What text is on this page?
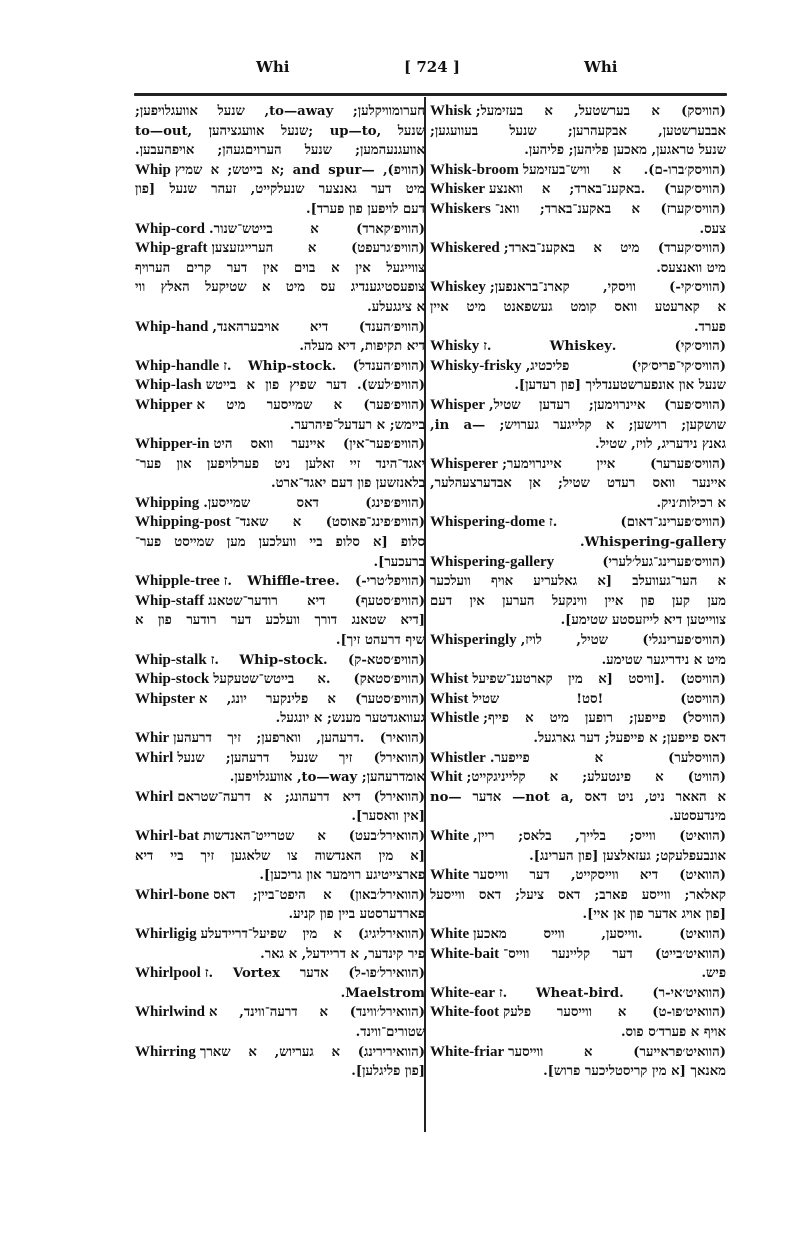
Whi	[ 724 ]	Whi
חערומוויקלען; to—away, שנעל אוועגלויפען;
to—out, שנעל אוועגציהען; up—to, שנעל
אוועגנעהמען; שנעל הערויםגעהן; אויפהעבען.
Whip (הוויפ), —and spur ;א בייטש; א שמיץ
מיט דער גאנצער שנעלקייט, זעהר שנעל [פון
דעם לויפען פון פערד].
Whip-cord (הוויפ׳קארד) א בייטש־שנור.
Whip-graft (הוויפ׳גרעפט) א הערייגזעצען
צווייגעל אין א בוים אין דער קרים הערויף
צופעסטיגענדיג עס מיט א שטיקעל האלץ ווי
א ציגגעלע.
Whip-hand (הוויפ׳הענד) דיא אויבערהאנד,
דיא תקיפות, דיא מעלה.
Whip-handle (הוויפ׳הענדל) .Whip-stock .ז
Whip-lash (הוויפ׳לעש). דער שפיץ פון א בייטש
Whipper (הוויפ׳פער) א שמייסער מיט א
ביימש; א רעדעל־פיהרער.
Whipper-in (הוויפ׳פער־אין) איינער וואס היט
יאגד־הינד זיי זאלען ניט פערלויפען און פער־
בלאנזשען פון דעם יאגד־ארט.
Whipping (הוויפ׳פינג) דאס שמייסען.
Whipping-post (הוויפ׳פינג־פאוסט) א שאנד־
סלופ [א סלופ ביי וועלכען מען שמייסט פער־
ברעכער].
Whipple-tree (הוויפל׳טרי-) .Whiffle-tree .ז
Whip-staff (הוויפ׳סטעף) דיא רודער־שטאנג
[דיא שטאנג דורך וועלכע דער רודער פון א
שיף דרעהט זיך].
Whip-stalk (הוויפ׳סטא-ק) .Whip-stock .ז
Whip-stock (הוויפ׳סטאק) .א בייטש־שטעקעל
Whipster (הוויפ׳סטער) א פלינקער יונג, א
געוואגדטער מענש; א יונגעל.
Whir (הוואיר) .דרעהען, ווארפען; זיך דרעהען
Whirl (הוואירל) זיך שנעל דרעהען; שנעל
אומדרעהען; to—way, אוועגלויפען.
Whirl (הוואירל) דיא דרעהונג; א דרעה־שטראם
[אין וואסער].
Whirl-bat (הוואירל׳בעט) א שטרייט־האנדשות
[א מין האנדשוה צו שלאגען זיך ביי דיא
פארצייטיגע רוימער און גריכען].
Whirl-bone (הוואירל׳באון) א היפט־ביין; דאס
פארדערסטע ביין פון קניע.
Whirligig (הוואירליגיג) א מין שפיעל־דריידעלע
פיר קינדער, א דריידעל, א גאר.
Whirlpool (הוואירל׳פו-ל) אדער Vortex .ז
.Maelstrom
Whirlwind (הוואירל׳ווינד) א דרעה־ווינד, א
שטורים־ווינד.
Whirring (הוואירירינג) א געריוש, א שארך
[פון פליגלען].
Whisk (הוויסק) א בערשטעל, א בעזימעל;
אבבערשטען, אבקעהרען; שנעל בעוועגען;
שנעל טראגען, מאכען פליהען; פליהען.
Whisk-broom (הוויסק׳ברו-ם). א וויש־בעזימעל
Whisker (הוויס׳קער) .באקענ־בארד; א וואנצע
Whiskers (הוויס׳קערז) א באקענ־בארד; וואנ־
צעס.
Whiskered (הוויס׳קערד) מיט א באקענ־בארד;
מיט וואנצעס.
Whiskey (הוויס׳קי-) וויסקי, קארנ־בראנפען;
א קארעטע וואס קומט געשפאנט מיט איין
פערד.
Whisky (הוויס׳קי) .Whiskey .ז
Whisky-frisky (הוויס׳קי־פריס׳קי) פליכטיג,
שנעל און אונפערשטענדליך [פון רעדען].
Whisper (הוויס׳פער) איינרוימען; רעדען שטיל,
שושקען; רוישען; א קלייגער גערויש; —in a,
גאנץ נידעריג, לויז, שטיל.
Whisperer (הוויס׳פערער) איין איינרוימער;
איינער וואס רעדט שטיל; אן אבדערצעהלער,
א רכילות׳ניק.
Whispering-dome (הוויס׳פערינג־דאום) .ז
.Whispering-gallery
Whispering-gallery	(הוויס׳פערינג־געל׳לערי)
א הער־געוועלב [א גאלעריע אויף וועלכער
מען קען פון איין ווינקעל הערען אין דעם
צווייטען דיא לייזעסטע שטימע].
Whisperingly (הוויס׳פערינגלי) שטיל, לויז,
מיט א נידריגער שטימע.
Whist (הוויסט) .[וויסט [א מין קארטענ־שפיעל
Whist (הוויסט) !סט! שטיל
Whistle (הוויסל) פייפען; רופען מיט א פייף;
דאס פייפען; א פייפעל; דער גארגעל.
Whistler (הוויסלער) א פייפער.
Whit (הוויט) א פינטעלע; א קלייניגקייט;
no— אדער —not a, א האאר ניט, ניט דאס
מינדעסטע.
White (הוואיט) ווייס; בלייך, בלאס; ריין,
אונבעפלעקט; געזאלצען [פון הערינג].
White (הוואיט) דיא ווייסקייט, דער ווייסער
קאלאר; ווייסע פארב; דאס ציעל; דאס ווייסעל
[פון אויג אדער פון אן איי].
White (הוואיט) .ווייסען, ווייס מאכען
White-bait (הוואיט׳בייט) דער קליינער ווייס־
פיש.
White-ear (הוואיט׳אי-ר) .Wheat-bird .ז
White-foot (הוואיט׳פו-ט) א ווייסער פלעק
אויף א פערד׳ס פוס.
White-friar (הוואיט׳פראייער) א ווייסער
מאנאך [א מין קריסטליכער פרוש].
